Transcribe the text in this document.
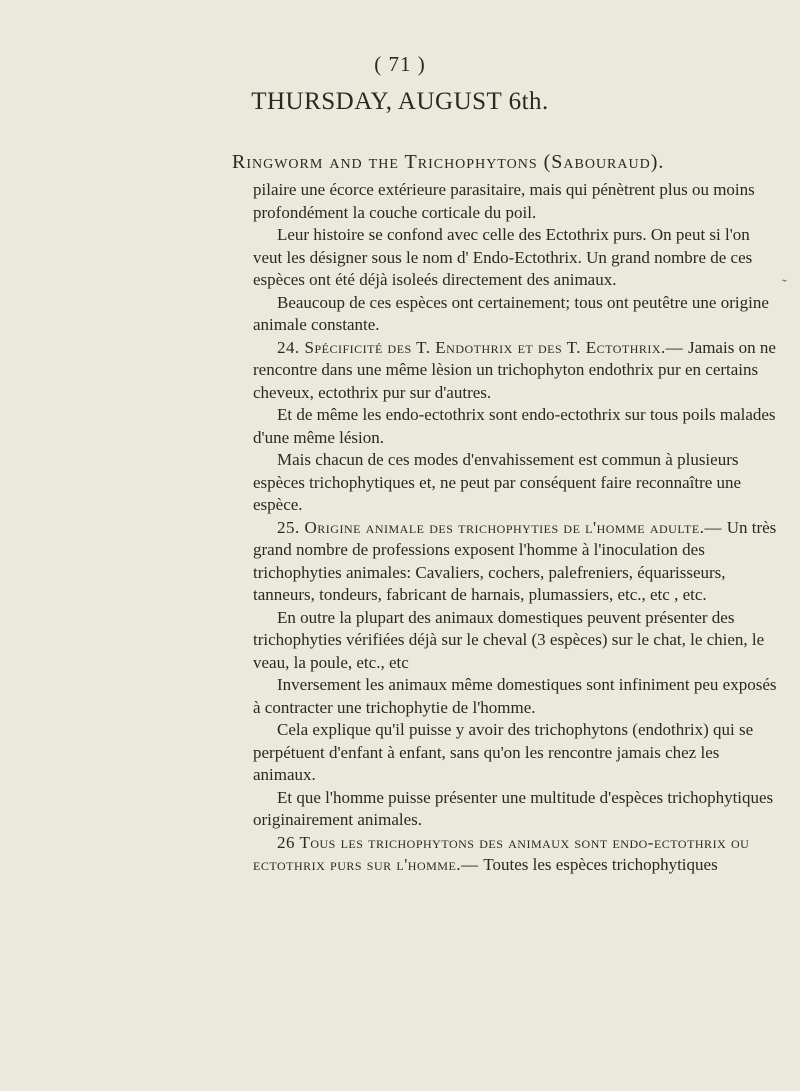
( 71 )
THURSDAY, AUGUST 6th.
Ringworm and the Trichophytons (Sabouraud).
˜

pilaire une écorce extérieure parasitaire, mais qui pénètrent plus ou moins profondément la couche corticale du poil.

Leur histoire se confond avec celle des Ectothrix purs. On peut si l'on veut les désigner sous le nom d' Endo-Ectothrix. Un grand nombre de ces espèces ont été déjà isoleés directement des animaux.

Beaucoup de ces espèces ont certainement; tous ont peutêtre une origine animale constante.

24. Spécificité des T. Endothrix et des T. Ectothrix.— Jamais on ne rencontre dans une même lèsion un trichophyton endothrix pur en certains cheveux, ectothrix pur sur d'autres.

Et de même les endo-ectothrix sont endo-ectothrix sur tous poils malades d'une même lésion.

Mais chacun de ces modes d'envahissement est commun à plusieurs espèces trichophytiques et, ne peut par conséquent faire reconnaître une espèce.

25. Origine animale des trichophyties de l'homme adulte.— Un très grand nombre de professions exposent l'homme à l'inoculation des trichophyties animales: Cavaliers, cochers, palefreniers, équarisseurs, tanneurs, tondeurs, fabricant de harnais, plumassiers, etc., etc , etc.

En outre la plupart des animaux domestiques peuvent présenter des trichophyties vérifiées déjà sur le cheval (3 espèces) sur le chat, le chien, le veau, la poule, etc., etc

Inversement les animaux même domestiques sont infiniment peu exposés à contracter une trichophytie de l'homme.

Cela explique qu'il puisse y avoir des trichophytons (endothrix) qui se perpétuent d'enfant à enfant, sans qu'on les rencontre jamais chez les animaux.

Et que l'homme puisse présenter une multitude d'espèces trichophytiques originairement animales.

26 Tous les trichophytons des animaux sont endo-ectothrix ou ectothrix purs sur l'homme.— Toutes les espèces trichophytiques
